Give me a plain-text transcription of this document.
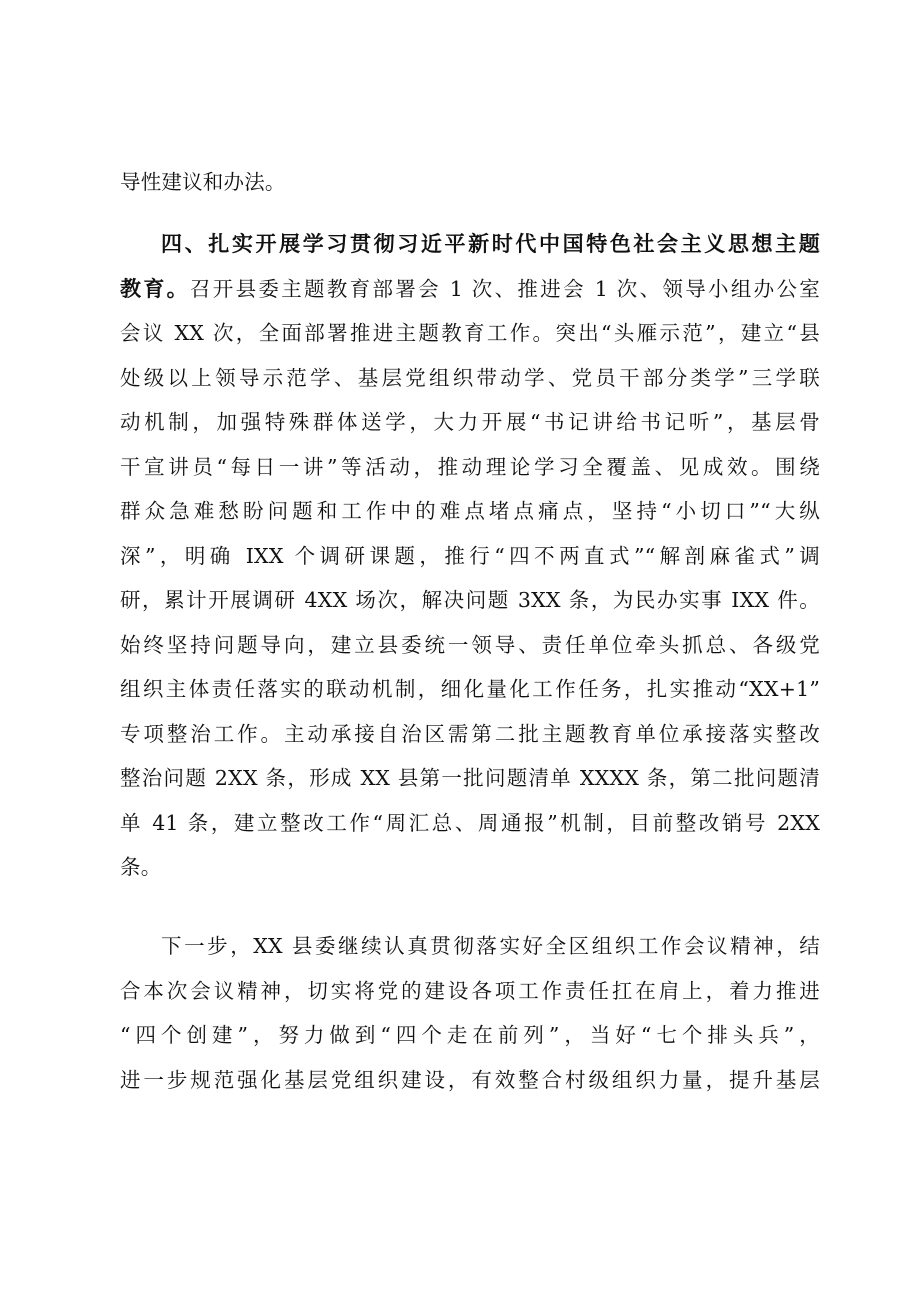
导性建议和办法。
四、扎实开展学习贯彻习近平新时代中国特色社会主义思想主题
教育。召开县委主题教育部署会 1 次、推进会 1 次、领导小组办公室
会议 XX 次，全面部署推进主题教育工作。突出“头雁示范”，建立“县
处级以上领导示范学、基层党组织带动学、党员干部分类学”三学联
动机制，加强特殊群体送学，大力开展“书记讲给书记听”，基层骨
干宣讲员“每日一讲”等活动，推动理论学习全覆盖、见成效。围绕
群众急难愁盼问题和工作中的难点堵点痛点，坚持“小切口”“大纵
深”，明确 IXX 个调研课题，推行“四不两直式”“解剖麻雀式”调
研，累计开展调研 4XX 场次，解决问题 3XX 条，为民办实事 IXX 件。
始终坚持问题导向，建立县委统一领导、责任单位牵头抓总、各级党
组织主体责任落实的联动机制，细化量化工作任务，扎实推动“XX+1”
专项整治工作。主动承接自治区需第二批主题教育单位承接落实整改
整治问题 2XX 条，形成 XX 县第一批问题清单 XXXX 条，第二批问题清
单 41 条，建立整改工作“周汇总、周通报”机制，目前整改销号 2XX
条。
下一步，XX 县委继续认真贯彻落实好全区组织工作会议精神，结
合本次会议精神，切实将党的建设各项工作责任扛在肩上，着力推进
“四个创建”，努力做到“四个走在前列”，当好“七个排头兵”，
进一步规范强化基层党组织建设，有效整合村级组织力量，提升基层
